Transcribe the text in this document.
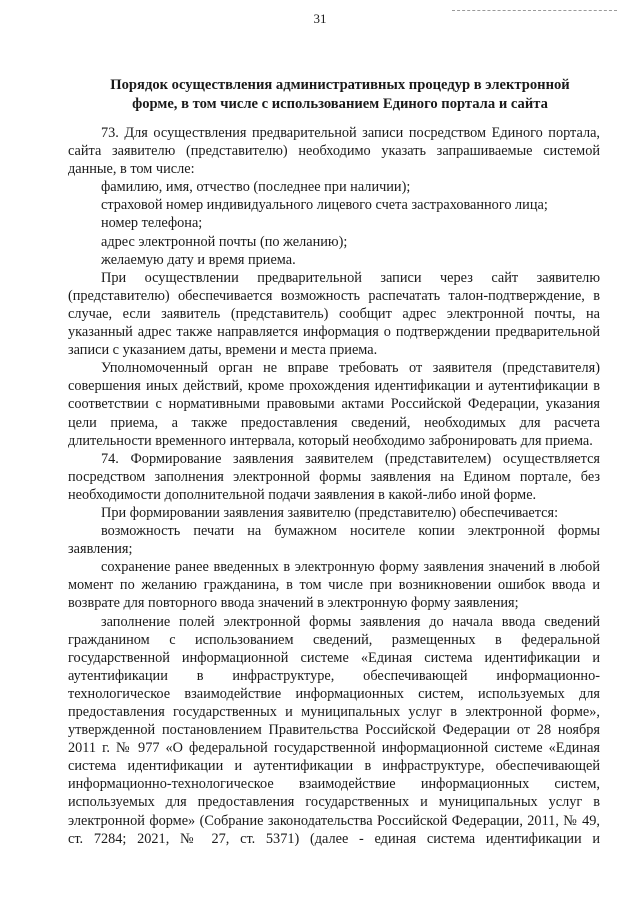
31
Порядок осуществления административных процедур в электронной
форме, в том числе с использованием Единого портала и сайта
73. Для осуществления предварительной записи посредством Единого портала, сайта заявителю (представителю) необходимо указать запрашиваемые системой данные, в том числе:
фамилию, имя, отчество (последнее при наличии);
страховой номер индивидуального лицевого счета застрахованного лица;
номер телефона;
адрес электронной почты (по желанию);
желаемую дату и время приема.
При осуществлении предварительной записи через сайт заявителю (представителю) обеспечивается возможность распечатать талон-подтверждение, в случае, если заявитель (представитель) сообщит адрес электронной почты, на указанный адрес также направляется информация о подтверждении предварительной записи с указанием даты, времени и места приема.
Уполномоченный орган не вправе требовать от заявителя (представителя) совершения иных действий, кроме прохождения идентификации и аутентификации в соответствии с нормативными правовыми актами Российской Федерации, указания цели приема, а также предоставления сведений, необходимых для расчета длительности временного интервала, который необходимо забронировать для приема.
74. Формирование заявления заявителем (представителем) осуществляется посредством заполнения электронной формы заявления на Едином портале, без необходимости дополнительной подачи заявления в какой-либо иной форме.
При формировании заявления заявителю (представителю) обеспечивается:
возможность печати на бумажном носителе копии электронной формы заявления;
сохранение ранее введенных в электронную форму заявления значений в любой момент по желанию гражданина, в том числе при возникновении ошибок ввода и возврате для повторного ввода значений в электронную форму заявления;
заполнение полей электронной формы заявления до начала ввода сведений гражданином с использованием сведений, размещенных в федеральной государственной информационной системе «Единая система идентификации и аутентификации в инфраструктуре, обеспечивающей информационно-технологическое взаимодействие информационных систем, используемых для предоставления государственных и муниципальных услуг в электронной форме», утвержденной постановлением Правительства Российской Федерации от 28 ноября 2011 г. № 977 «О федеральной государственной информационной системе «Единая система идентификации и аутентификации в инфраструктуре, обеспечивающей информационно-технологическое взаимодействие информационных систем, используемых для предоставления государственных и муниципальных услуг в электронной форме» (Собрание законодательства Российской Федерации, 2011, № 49, ст. 7284; 2021, № 27, ст. 5371) (далее - единая система идентификации и
